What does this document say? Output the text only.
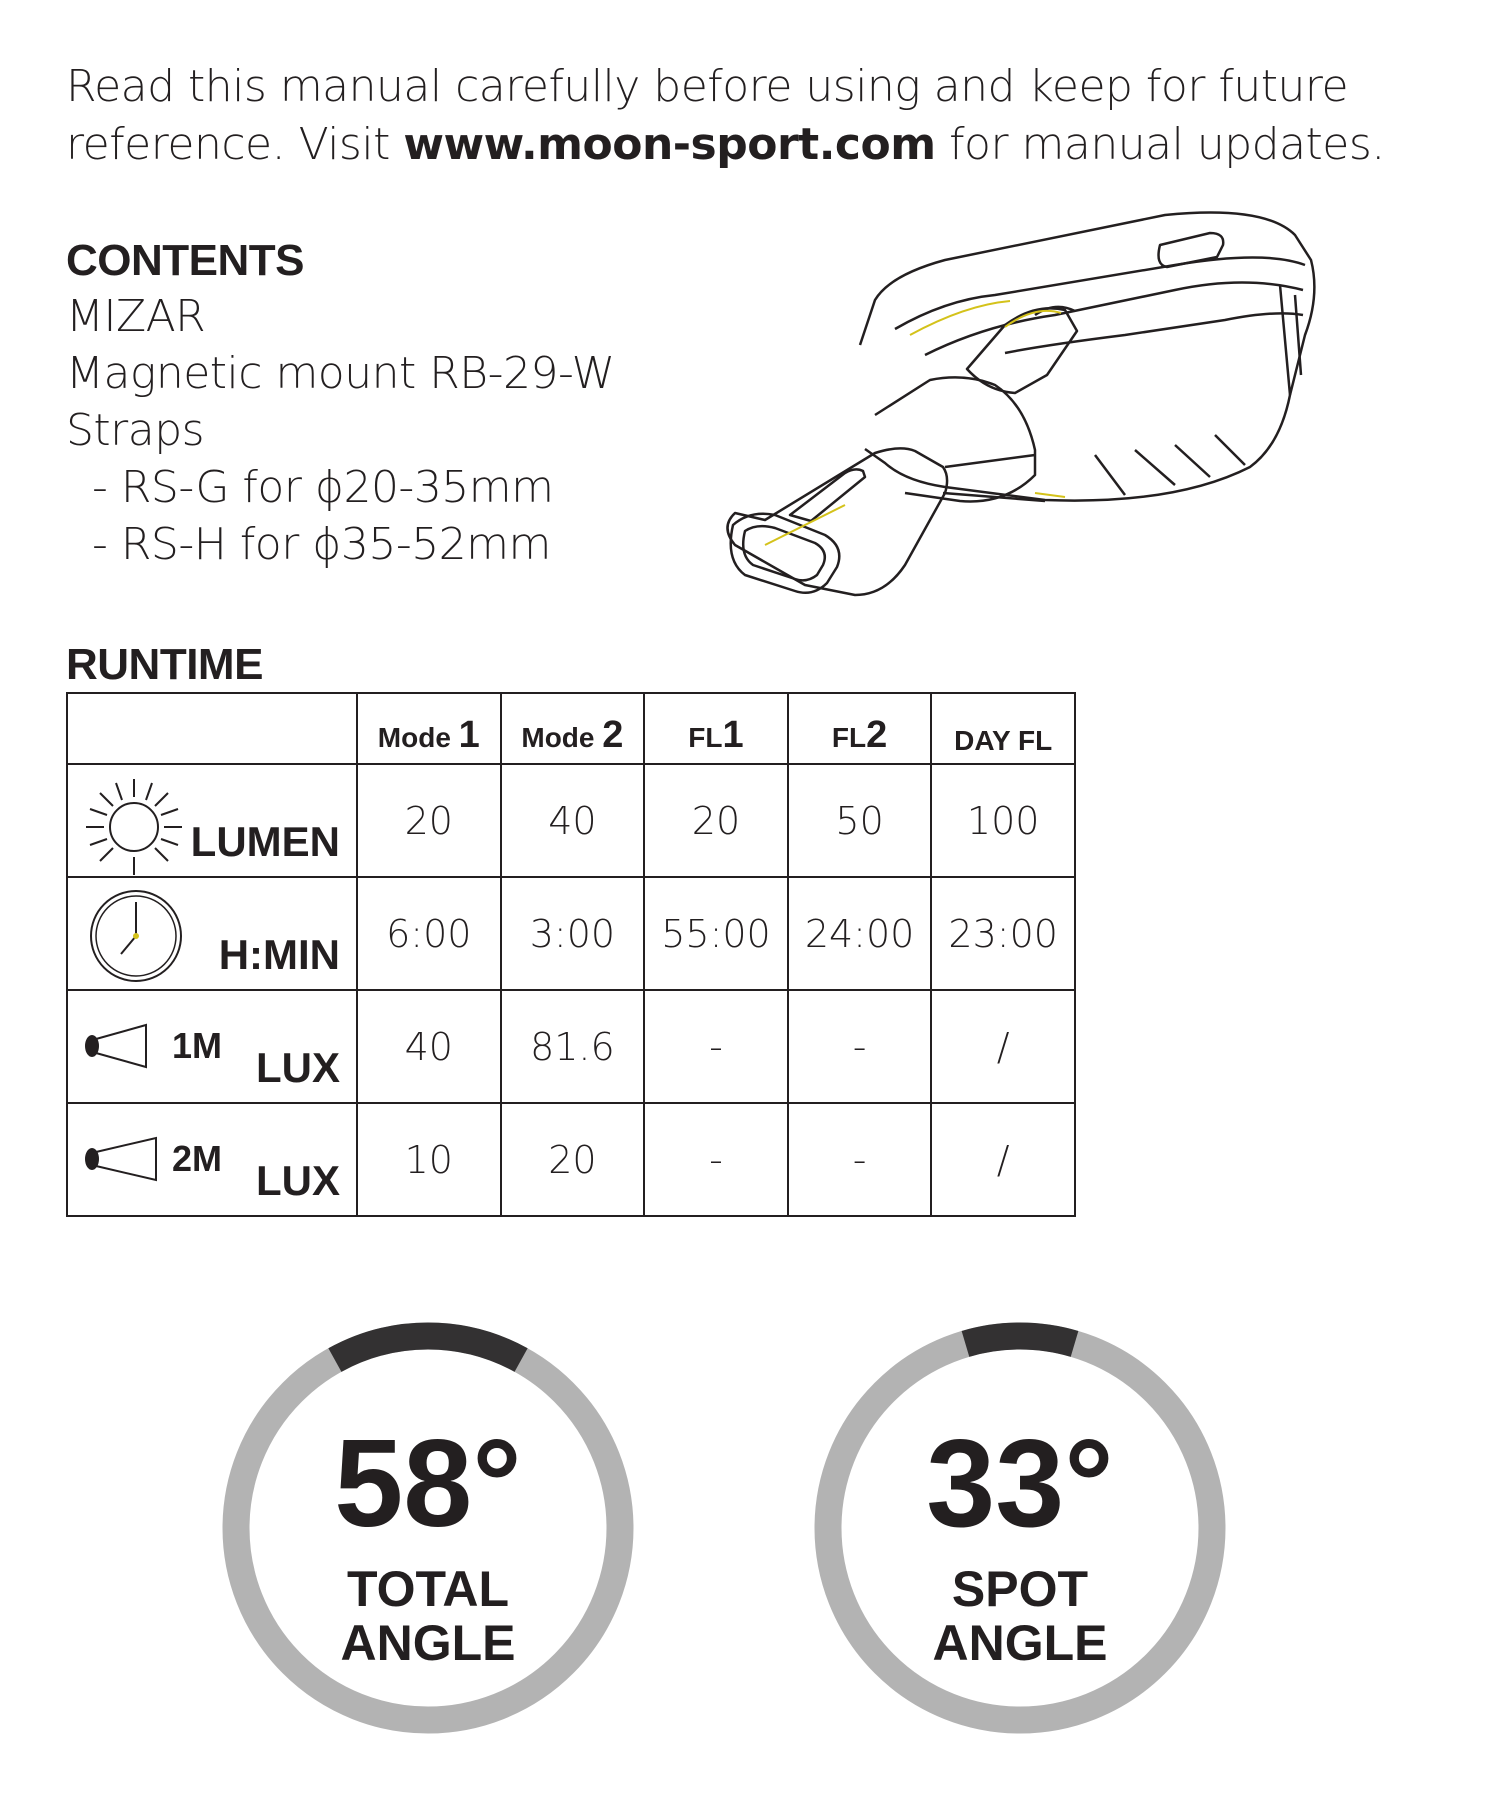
Read this manual carefully before using and keep for future reference. Visit www.moon-sport.com for manual updates.
CONTENTS
MIZAR
Magnetic mount RB-29-W
Straps
- RS-G for ϕ20-35mm
- RS-H for ϕ35-52mm
RUNTIME
	Mode 1	Mode 2	FL1	FL2	DAY FL

LUMEN	20	40	20	50	100

H:MIN	6:00	3:00	55:00	24:00	23:00

1M LUX	40	81.6	-	-	/

2M LUX	10	20	-	-	/
58°
TOTAL
ANGLE
33°
SPOT
ANGLE
